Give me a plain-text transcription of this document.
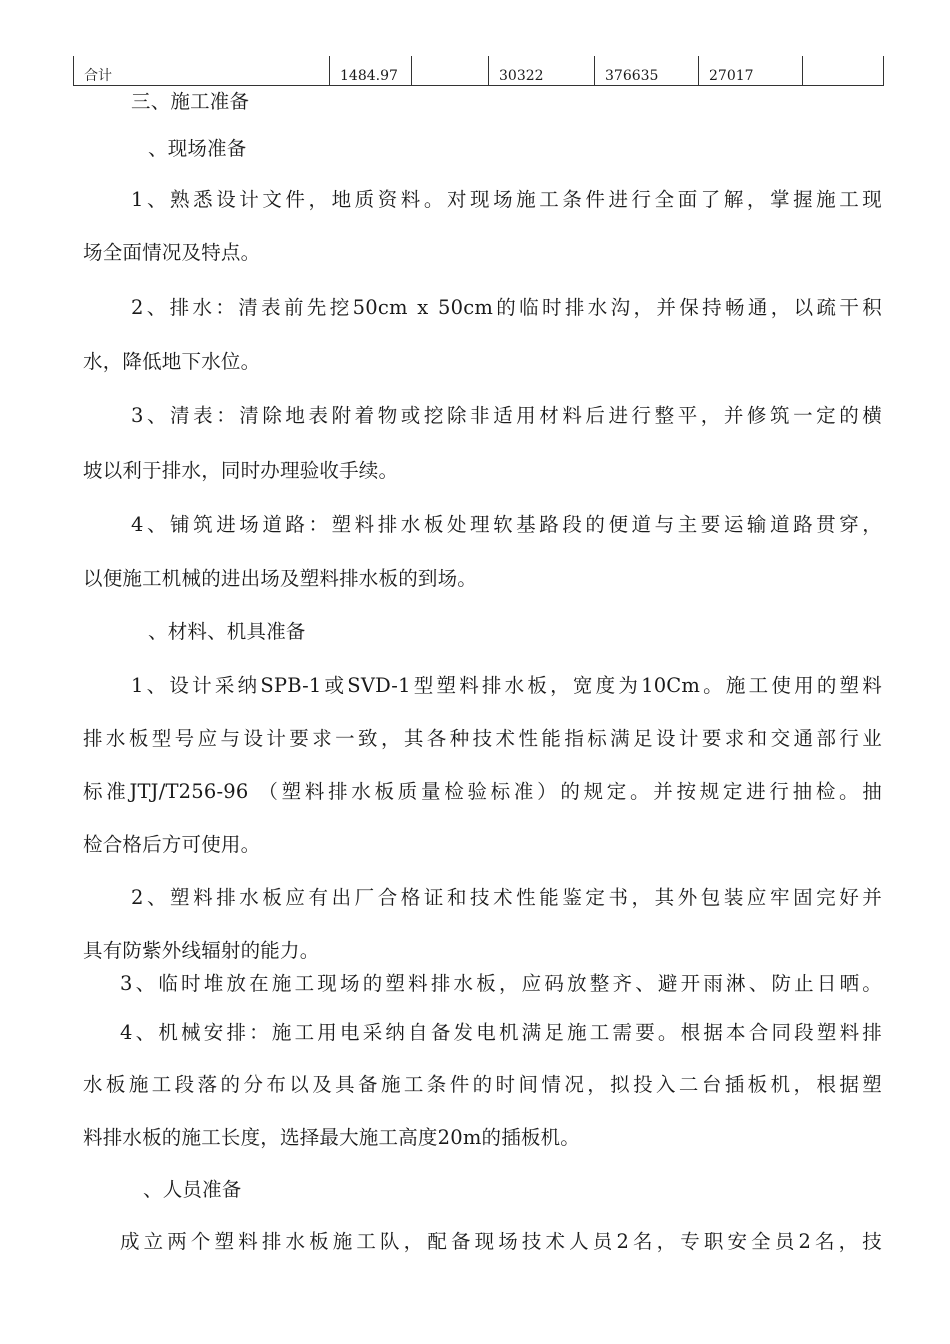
合计	1484.97		30322	376635	27017	
三、施工准备
、现场准备
1、熟悉设计文件，地质资料。对现场施工条件进行全面了解，掌握施工现
场全面情况及特点。
2、排水：清表前先挖50cm x 50cm的临时排水沟，并保持畅通，以疏干积
水，降低地下水位。
3、清表：清除地表附着物或挖除非适用材料后进行整平，并修筑一定的横
坡以利于排水，同时办理验收手续。
4、铺筑进场道路：塑料排水板处理软基路段的便道与主要运输道路贯穿，
以便施工机械的进出场及塑料排水板的到场。
、材料、机具准备
1、设计采纳SPB-1或SVD-1型塑料排水板，宽度为10Cm。施工使用的塑料
排水板型号应与设计要求一致，其各种技术性能指标满足设计要求和交通部行业
标准JTJ/T256-96 （塑料排水板质量检验标准）的规定。并按规定进行抽检。抽
检合格后方可使用。
2、塑料排水板应有出厂合格证和技术性能鉴定书，其外包装应牢固完好并
具有防紫外线辐射的能力。
3、临时堆放在施工现场的塑料排水板，应码放整齐、避开雨淋、防止日晒。
4、机械安排：施工用电采纳自备发电机满足施工需要。根据本合同段塑料排
水板施工段落的分布以及具备施工条件的时间情况，拟投入二台插板机，根据塑
料排水板的施工长度，选择最大施工高度20m的插板机。
、人员准备
成立两个塑料排水板施工队，配备现场技术人员2名，专职安全员2名，技
